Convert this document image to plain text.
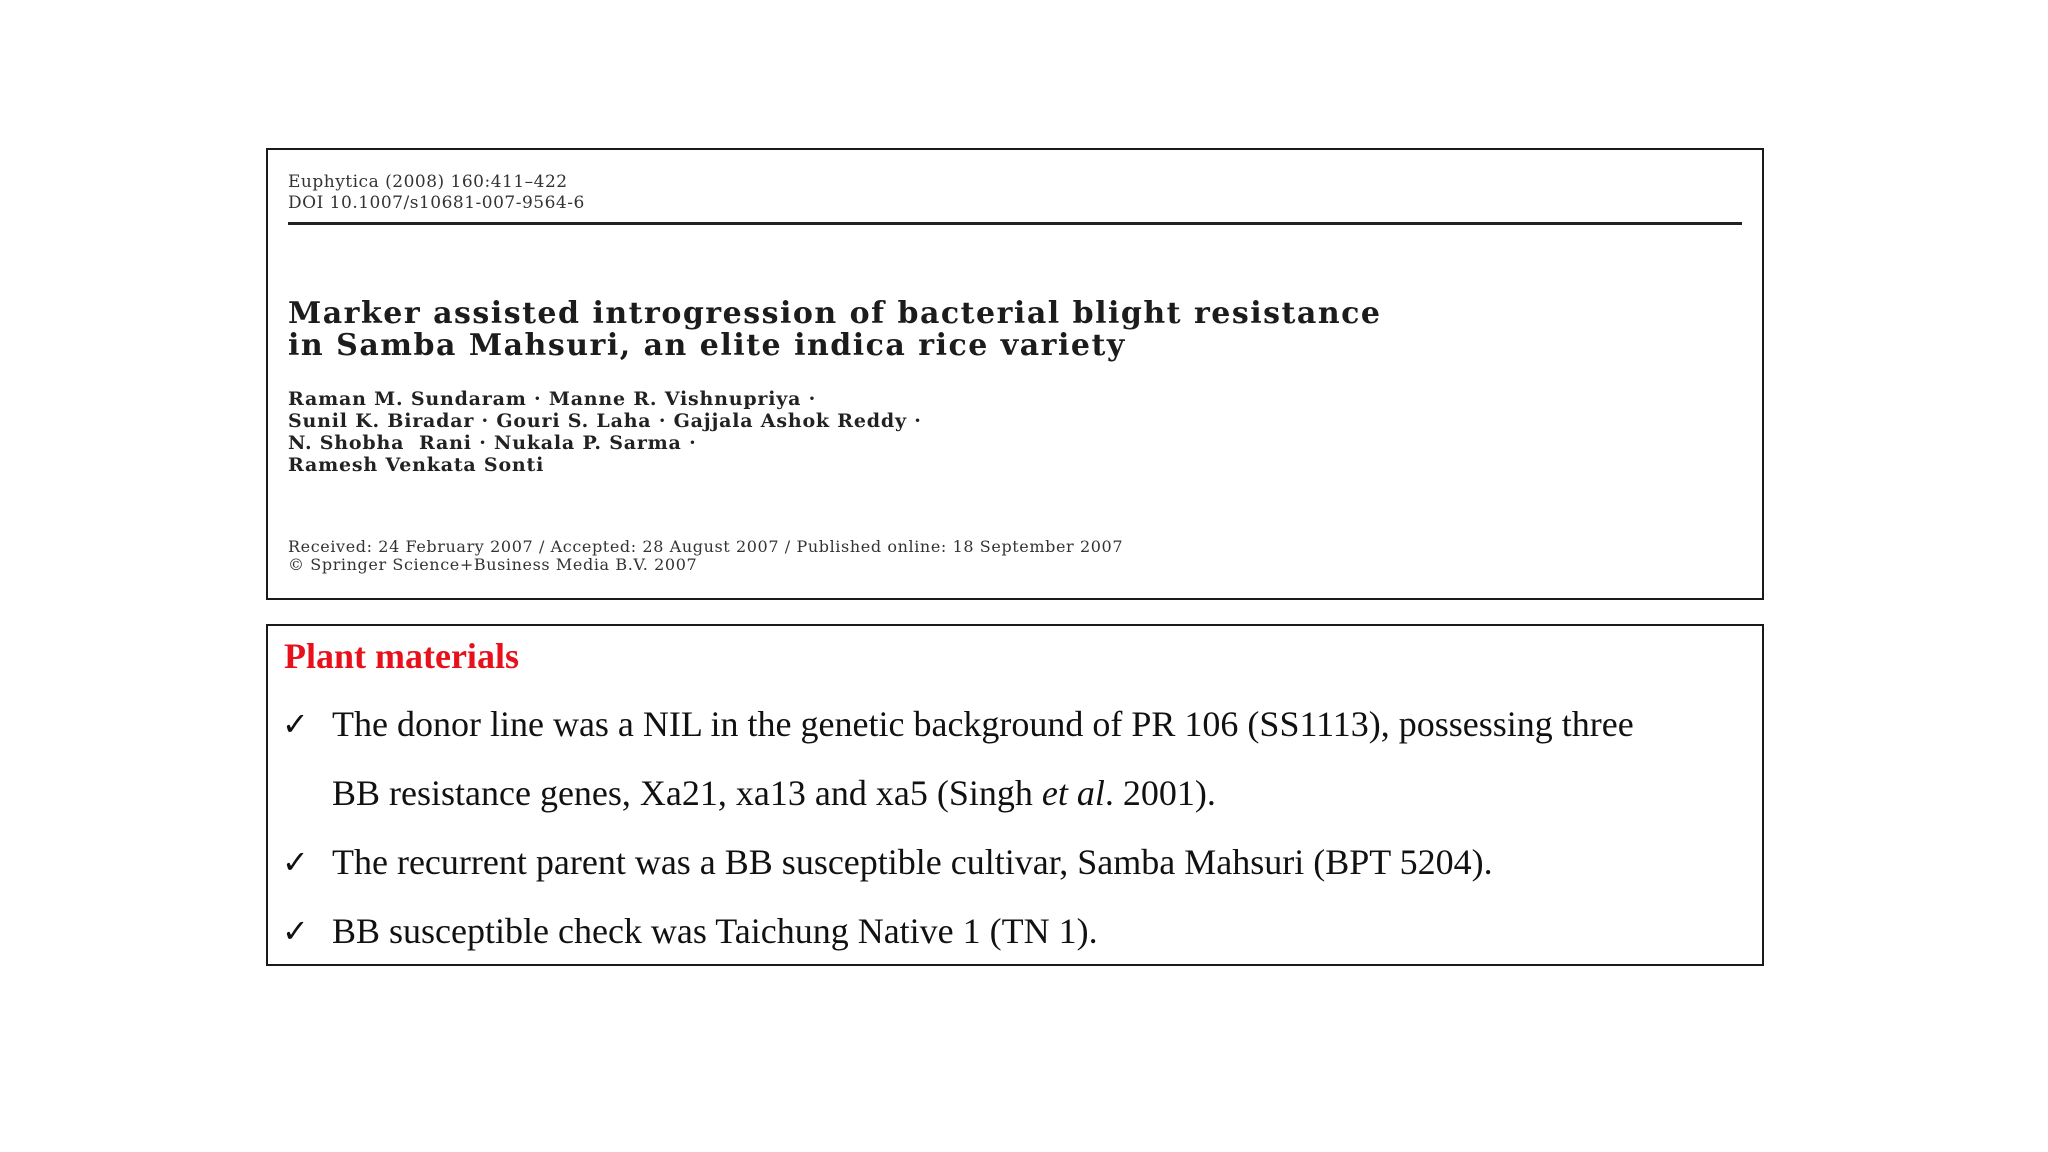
Euphytica (2008) 160:411–422
DOI 10.1007/s10681-007-9564-6
Marker assisted introgression of bacterial blight resistance
in Samba Mahsuri, an elite indica rice variety
Raman M. Sundaram · Manne R. Vishnupriya ·
Sunil K. Biradar · Gouri S. Laha · Gajjala Ashok Reddy ·
N. Shobha  Rani · Nukala P. Sarma ·
Ramesh Venkata Sonti
Received: 24 February 2007 / Accepted: 28 August 2007 / Published online: 18 September 2007
© Springer Science+Business Media B.V. 2007
Plant materials
✓ The donor line was a NIL in the genetic background of PR 106 (SS1113), possessing three
BB resistance genes, Xa21, xa13 and xa5 (Singh et al. 2001).
✓ The recurrent parent was a BB susceptible cultivar, Samba Mahsuri (BPT 5204).
✓ BB susceptible check was Taichung Native 1 (TN 1).
